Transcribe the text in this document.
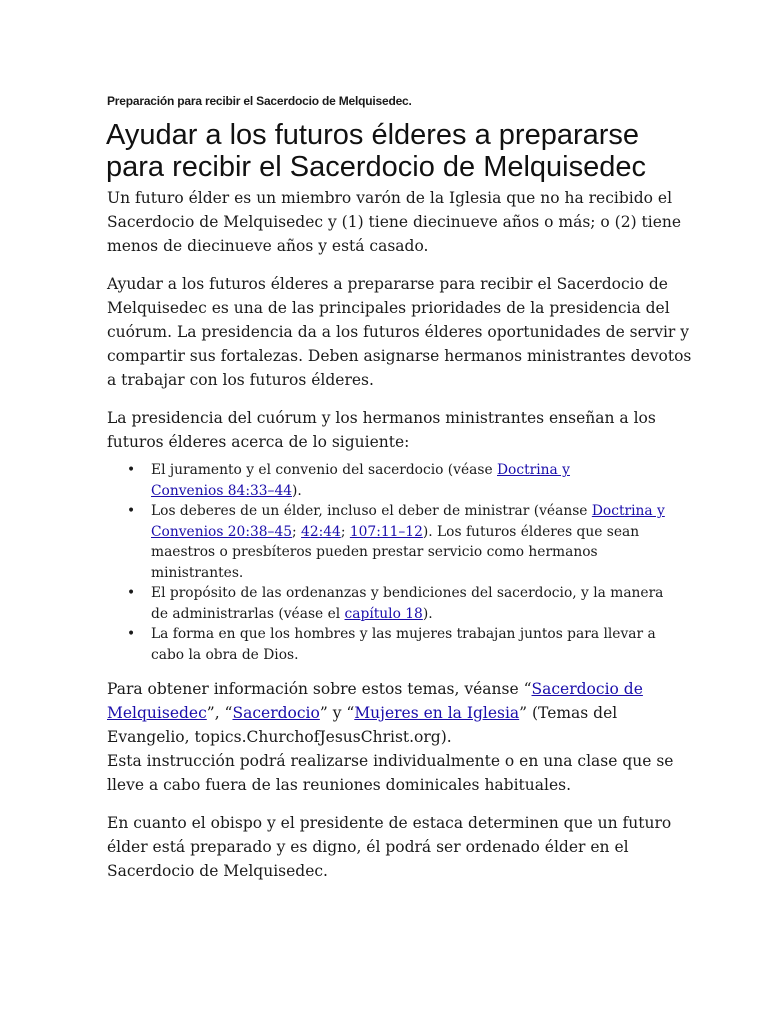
Preparación para recibir el Sacerdocio de Melquisedec.
Ayudar a los futuros élderes a prepararse
para recibir el Sacerdocio de Melquisedec

Un futuro élder es un miembro varón de la Iglesia que no ha recibido el
Sacerdocio de Melquisedec y (1) tiene diecinueve años o más; o (2) tiene
menos de diecinueve años y está casado.

Ayudar a los futuros élderes a prepararse para recibir el Sacerdocio de
Melquisedec es una de las principales prioridades de la presidencia del
cuórum. La presidencia da a los futuros élderes oportunidades de servir y
compartir sus fortalezas. Deben asignarse hermanos ministrantes devotos
a trabajar con los futuros élderes.

La presidencia del cuórum y los hermanos ministrantes enseñan a los
futuros élderes acerca de lo siguiente:

• El juramento y el convenio del sacerdocio (véase Doctrina y
Convenios 84:33–44).
• Los deberes de un élder, incluso el deber de ministrar (véanse Doctrina y
Convenios 20:38–45; 42:44; 107:11–12). Los futuros élderes que sean
maestros o presbíteros pueden prestar servicio como hermanos
ministrantes.
• El propósito de las ordenanzas y bendiciones del sacerdocio, y la manera
de administrarlas (véase el capítulo 18).
• La forma en que los hombres y las mujeres trabajan juntos para llevar a
cabo la obra de Dios.

Para obtener información sobre estos temas, véanse “Sacerdocio de
Melquisedec”, “Sacerdocio” y “Mujeres en la Iglesia” (Temas del
Evangelio, topics.ChurchofJesusChrist.org).
Esta instrucción podrá realizarse individualmente o en una clase que se
lleve a cabo fuera de las reuniones dominicales habituales.

En cuanto el obispo y el presidente de estaca determinen que un futuro
élder está preparado y es digno, él podrá ser ordenado élder en el
Sacerdocio de Melquisedec.
